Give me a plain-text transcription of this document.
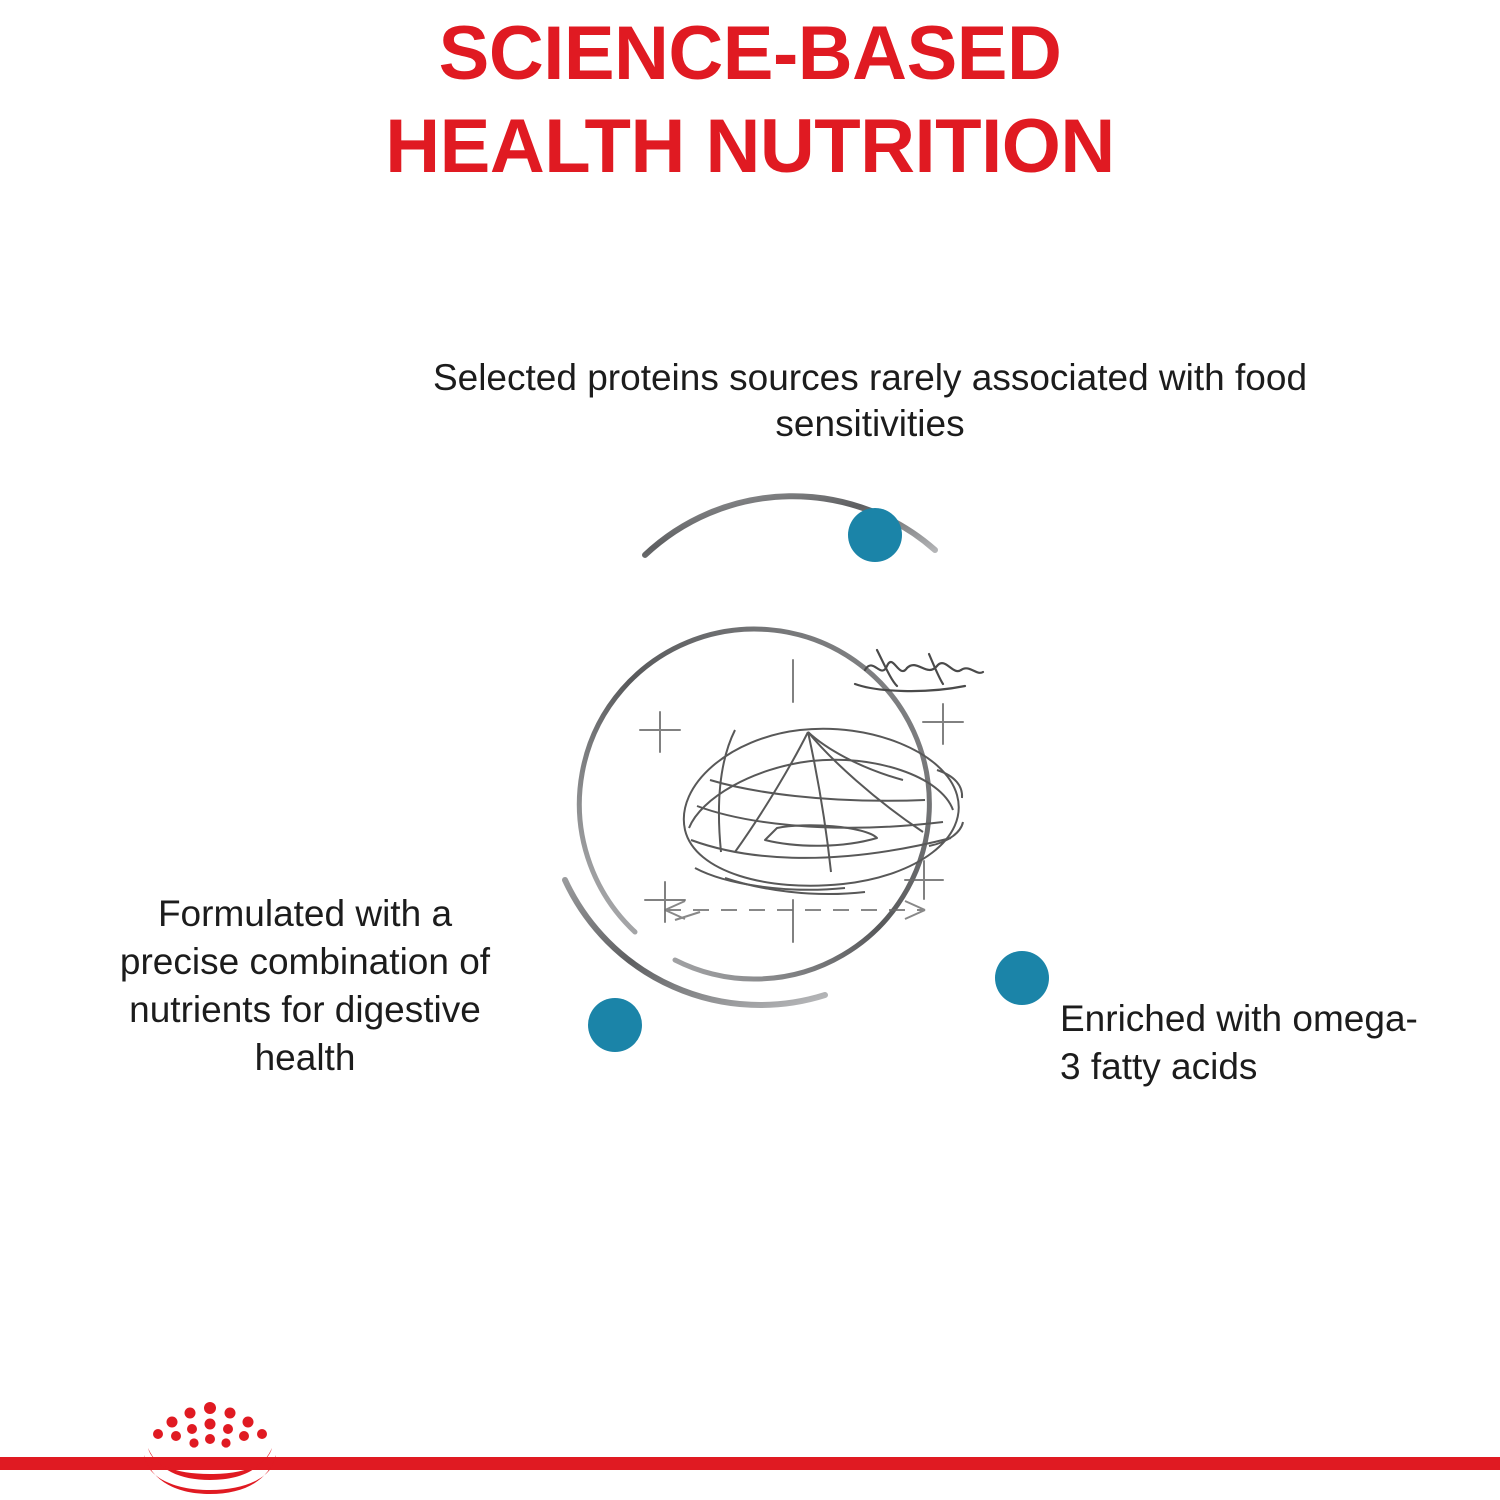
SCIENCE-BASED
HEALTH NUTRITION
Selected proteins sources rarely associated with food sensitivities
Formulated with a precise combination of nutrients for digestive health
Enriched with omega-3 fatty acids
